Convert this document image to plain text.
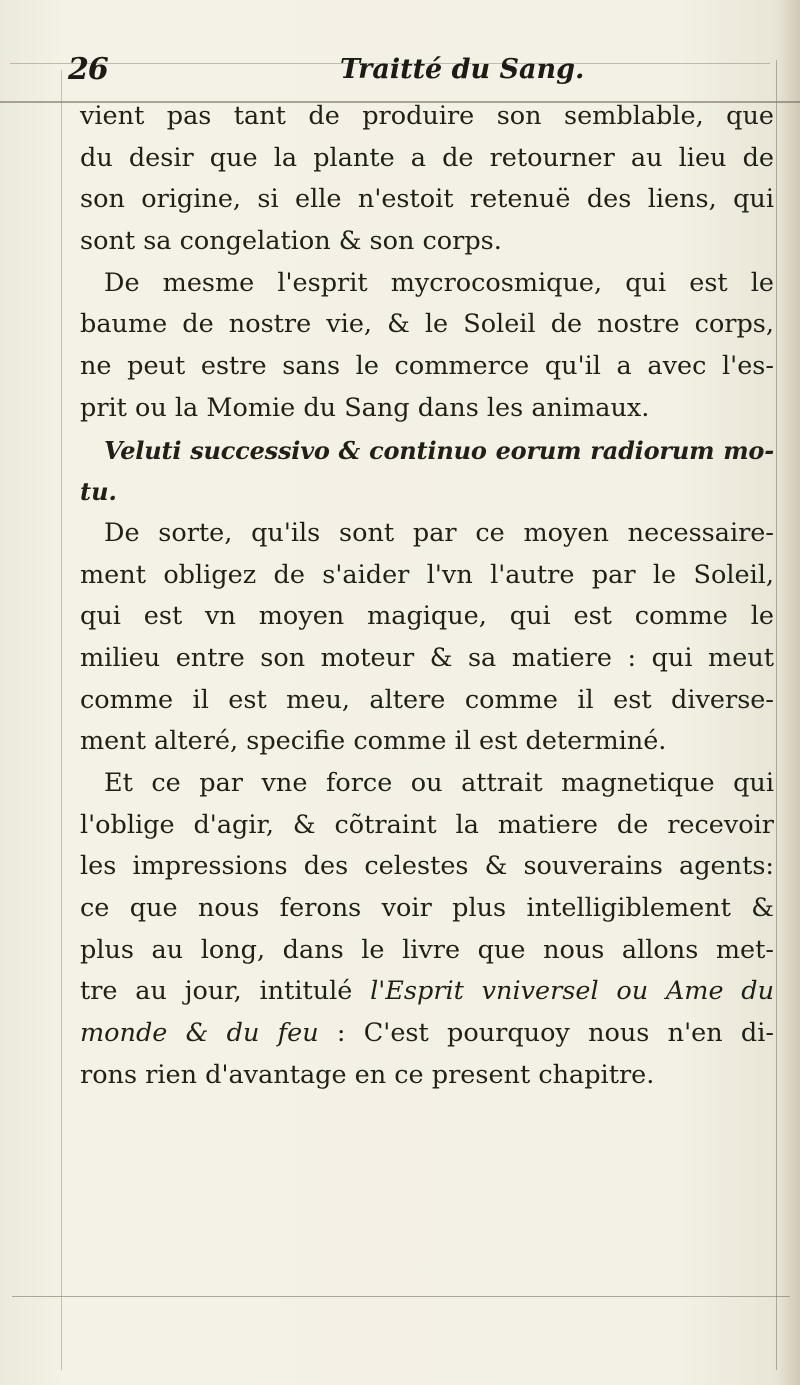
26	Traitté du Sang.
vient pas tant de produire son semblable, que
du desir que la plante a de retourner au lieu de
son origine, si elle n'estoit retenuë des liens, qui
sont sa congelation & son corps.
De mesme l'esprit mycrocosmique, qui est le
baume de nostre vie, & le Soleil de nostre corps,
ne peut estre sans le commerce qu'il a avec l'es-
prit ou la Momie du Sang dans les animaux.
Veluti successivo & continuo eorum radiorum mo-
tu.
De sorte, qu'ils sont par ce moyen necessaire-
ment obligez de s'aider l'vn l'autre par le Soleil,
qui est vn moyen magique, qui est comme le
milieu entre son moteur & sa matiere : qui meut
comme il est meu, altere comme il est diverse-
ment alteré, specifie comme il est determiné.
Et ce par vne force ou attrait magnetique qui
l'oblige d'agir, & cõtraint la matiere de recevoir
les impressions des celestes & souverains agents:
ce que nous ferons voir plus intelligiblement &
plus au long, dans le livre que nous allons met-
tre au jour, intitulé l'Esprit vniversel ou Ame du
monde & du feu : C'est pourquoy nous n'en di-
rons rien d'avantage en ce present chapitre.
